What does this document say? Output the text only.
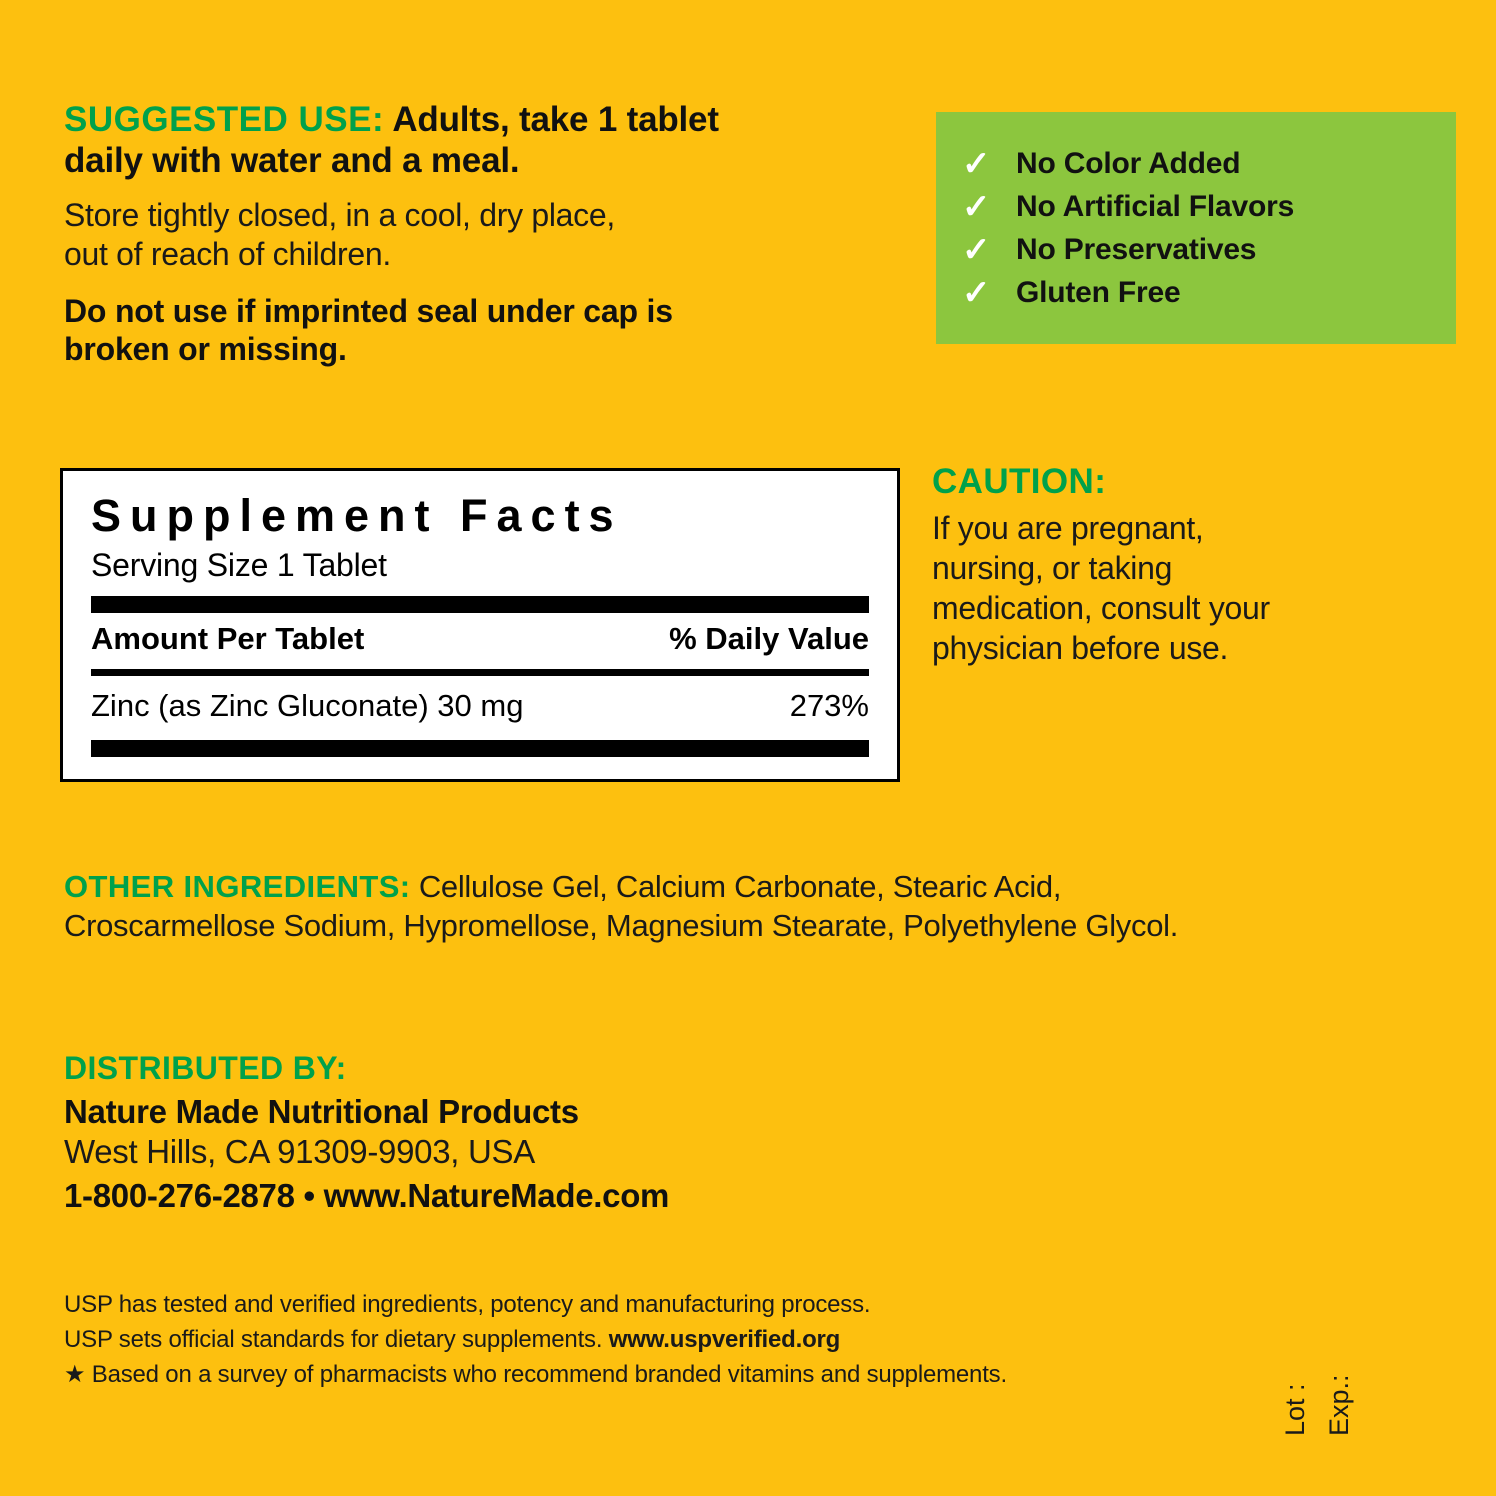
SUGGESTED USE: Adults, take 1 tablet
daily with water and a meal.
Store tightly closed, in a cool, dry place,
out of reach of children.
Do not use if imprinted seal under cap is
broken or missing.
Supplement Facts
Serving Size 1 Tablet
Amount Per Tablet	% Daily Value
Zinc (as Zinc Gluconate) 30 mg	273%
OTHER INGREDIENTS: Cellulose Gel, Calcium Carbonate, Stearic Acid, Croscarmellose Sodium, Hypromellose, Magnesium Stearate, Polyethylene Glycol.
DISTRIBUTED BY:
Nature Made Nutritional Products
West Hills, CA 91309-9903, USA
1-800-276-2878 • www.NatureMade.com
USP has tested and verified ingredients, potency and manufacturing process.
USP sets official standards for dietary supplements. www.uspverified.org
★ Based on a survey of pharmacists who recommend branded vitamins and supplements.
✓ No Color Added
✓ No Artificial Flavors
✓ No Preservatives
✓ Gluten Free
CAUTION:
If you are pregnant,
nursing, or taking
medication, consult your
physician before use.
Lot : Exp.:
